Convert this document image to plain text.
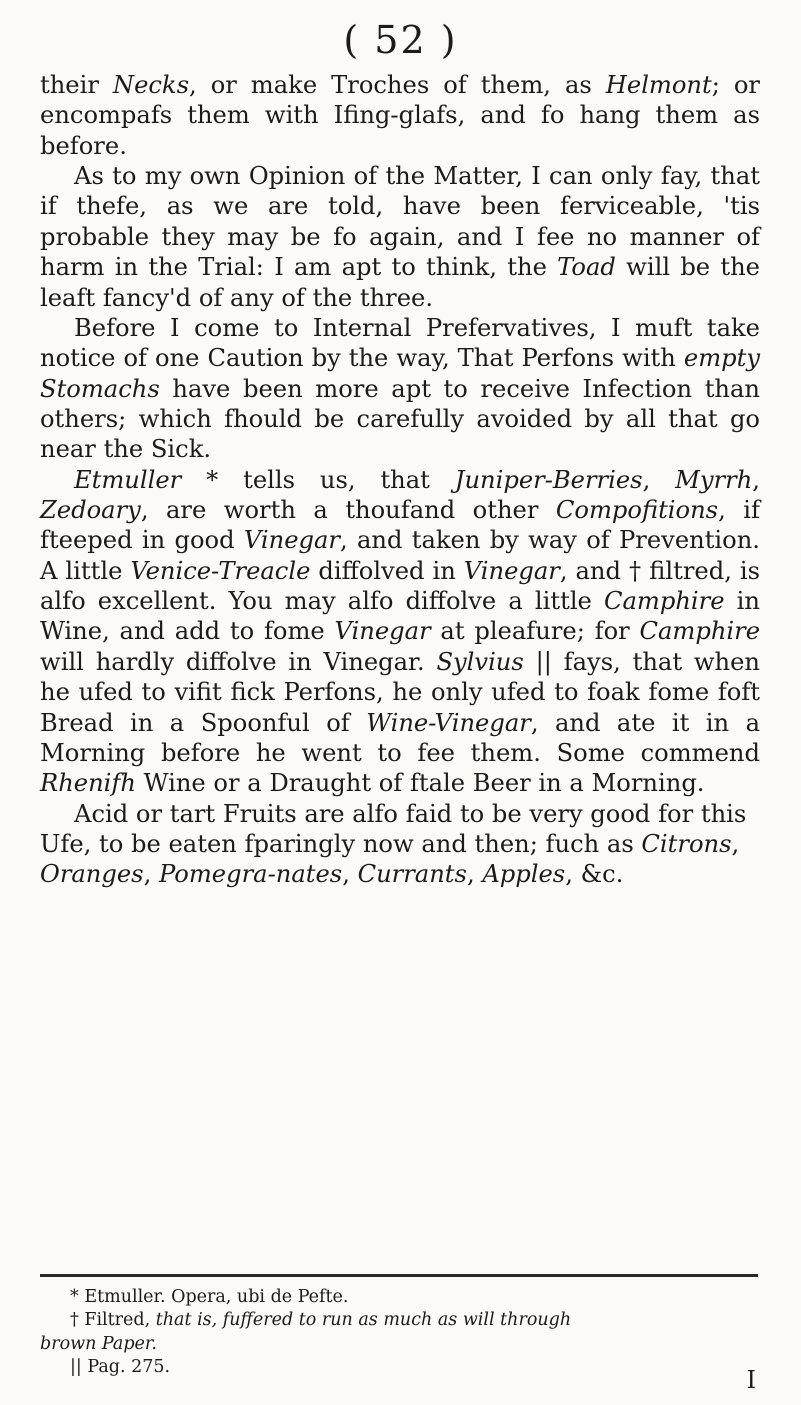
( 52 )

their Necks, or make Troches of them, as Helmont; or encompafs them with Ifing-glafs, and fo hang them as before.

As to my own Opinion of the Matter, I can only fay, that if thefe, as we are told, have been ferviceable, 'tis probable they may be fo again, and I fee no manner of harm in the Trial: I am apt to think, the Toad will be the leaft fancy'd of any of the three.

Before I come to Internal Prefervatives, I muft take notice of one Caution by the way, That Perfons with empty Stomachs have been more apt to receive Infection than others; which fhould be carefully avoided by all that go near the Sick.

Etmuller * tells us, that Juniper-Berries, Myrrh, Zedoary, are worth a thoufand other Compofitions, if fteeped in good Vinegar, and taken by way of Prevention. A little Venice-Treacle diffolved in Vinegar, and † filtred, is alfo excellent. You may alfo diffolve a little Camphire in Wine, and add to fome Vinegar at pleafure; for Camphire will hardly diffolve in Vinegar. Sylvius || fays, that when he ufed to vifit fick Perfons, he only ufed to foak fome foft Bread in a Spoonful of Wine-Vinegar, and ate it in a Morning before he went to fee them. Some commend Rhenifh Wine or a Draught of ftale Beer in a Morning.

Acid or tart Fruits are alfo faid to be very good for this Ufe, to be eaten fparingly now and then; fuch as Citrons, Oranges, Pomegra-nates, Currants, Apples, &c.

* Etmuller. Opera, ubi de Pefte.

† Filtred, that is, fuffered to run as much as will through

brown Paper.

|| Pag. 275.	I
